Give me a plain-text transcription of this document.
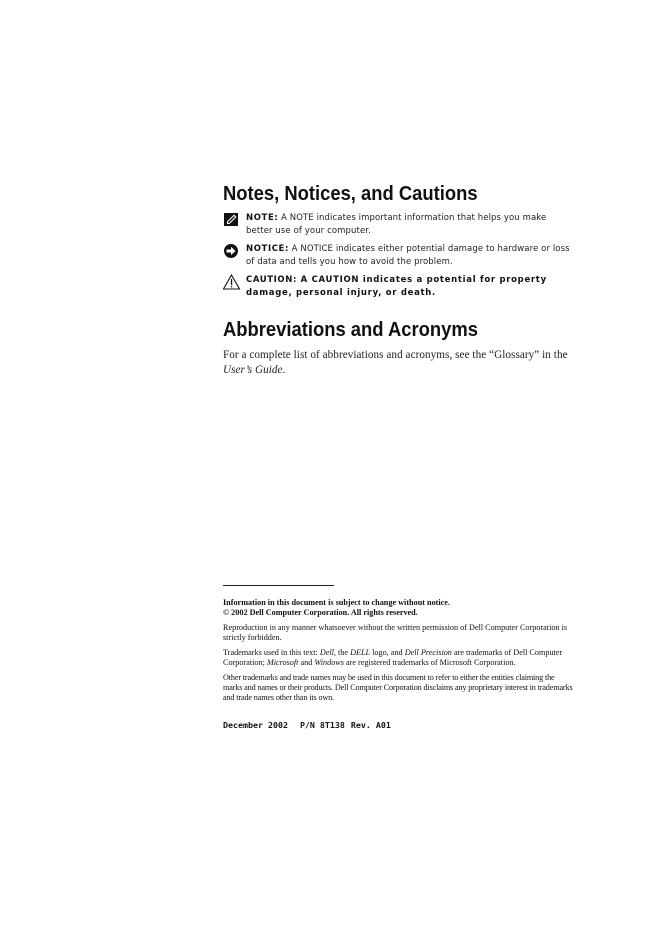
Notes, Notices, and Cautions
NOTE: A NOTE indicates important information that helps you make better use of your computer.
NOTICE: A NOTICE indicates either potential damage to hardware or loss of data and tells you how to avoid the problem.
CAUTION: A CAUTION indicates a potential for property damage, personal injury, or death.
Abbreviations and Acronyms

For a complete list of abbreviations and acronyms, see the “Glossary” in the User’s Guide.

Information in this document is subject to change without notice.
© 2002 Dell Computer Corporation. All rights reserved.

Reproduction in any manner whatsoever without the written permission of Dell Computer Corporation is strictly forbidden.

Trademarks used in this text: Dell, the DELL logo, and Dell Precision are trademarks of Dell Computer Corporation; Microsoft and Windows are registered trademarks of Microsoft Corporation.

Other trademarks and trade names may be used in this document to refer to either the entities claiming the marks and names or their products. Dell Computer Corporation disclaims any proprietary interest in trademarks and trade names other than its own.

December 2002 P/N 8T138 Rev. A01
